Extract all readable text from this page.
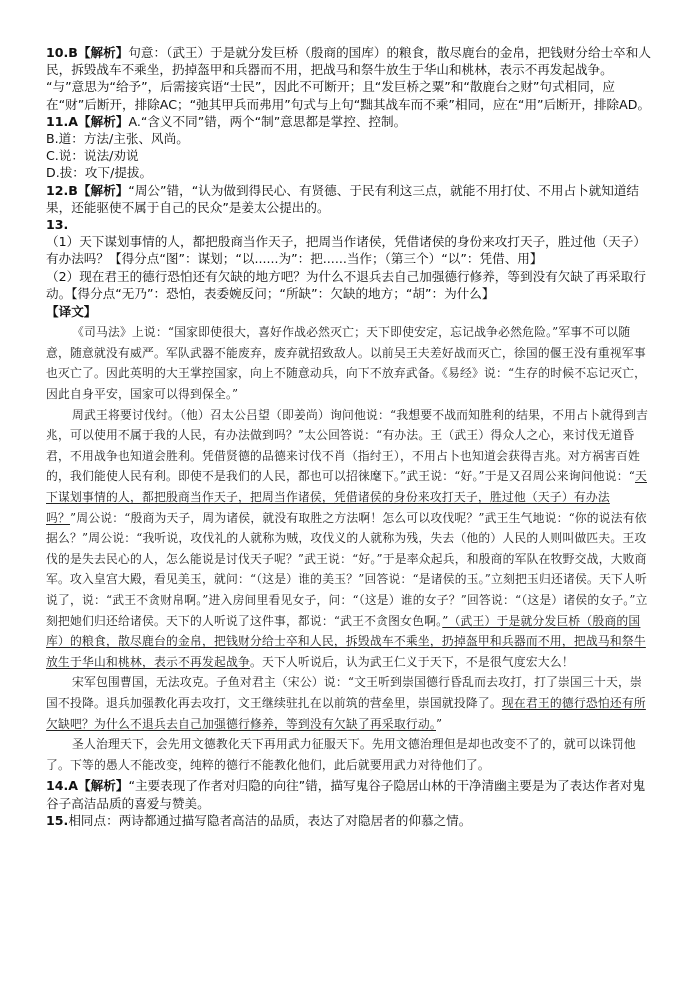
10.B【解析】句意：（武王）于是就分发巨桥（殷商的国库）的粮食，散尽鹿台的金帛，把钱财分给士卒和人民，拆毁战车不乘坐，扔掉盔甲和兵器而不用，把战马和祭牛放生于华山和桃林，表示不再发起战争。

“与”意思为“给予”，后需接宾语“士民”，因此不可断开；且“发巨桥之粟”和“散鹿台之财”句式相同，应在“财”后断开，排除AC；“弛其甲兵而弗用”句式与上句“黜其战车而不乘”相同，应在“用”后断开，排除AD。

11.A【解析】A.“含义不同”错，两个“制”意思都是掌控、控制。

B.道：方法/主张、风尚。

C.说：说法/劝说

D.拔：攻下/提拔。

12.B【解析】“周公”错，“认为做到得民心、有贤德、于民有利这三点，就能不用打仗、不用占卜就知道结果，还能驱使不属于自己的民众”是姜太公提出的。

13.

（1）天下谋划事情的人，都把殷商当作天子，把周当作诸侯，凭借诸侯的身份来攻打天子，胜过他（天子）有办法吗？【得分点“图”：谋划；“以......为”：把......当作；（第三个）“以”：凭借、用】

（2）现在君王的德行恐怕还有欠缺的地方吧？为什么不退兵去自己加强德行修养，等到没有欠缺了再采取行动。【得分点“无乃”：恐怕，表委婉反问；“所缺”：欠缺的地方；“胡”：为什么】

【译文】

《司马法》上说：“国家即使很大，喜好作战必然灭亡；天下即使安定，忘记战争必然危险。”军事不可以随意，随意就没有威严。军队武器不能废弃，废弃就招致敌人。以前吴王夫差好战而灭亡，徐国的偃王没有重视军事也灭亡了。因此英明的大王掌控国家，向上不随意动兵，向下不放弃武备。《易经》说：“生存的时候不忘记灭亡，因此自身平安，国家可以得到保全。”

周武王将要讨伐纣。（他）召太公吕望（即姜尚）询问他说：“我想要不战而知胜利的结果，不用占卜就得到吉兆，可以使用不属于我的人民，有办法做到吗？”太公回答说：“有办法。王（武王）得众人之心，来讨伐无道昏君，不用战争也知道会胜利。凭借贤德的品德来讨伐不肖（指纣王），不用占卜也知道会获得吉兆。对方祸害百姓的，我们能使人民有利。即使不是我们的人民，都也可以招徕麾下。”武王说：“好。”于是又召周公来询问他说：“天下谋划事情的人，都把殷商当作天子，把周当作诸侯，凭借诸侯的身份来攻打天子，胜过他（天子）有办法吗？”周公说：“殷商为天子，周为诸侯，就没有取胜之方法啊！怎么可以攻伐呢？”武王生气地说：“你的说法有依据么？”周公说：“我听说，攻伐礼的人就称为贼，攻伐义的人就称为残，失去（他的）人民的人则叫做匹夫。王攻伐的是失去民心的人，怎么能说是讨伐天子呢？”武王说：“好。”于是率众起兵，和殷商的军队在牧野交战，大败商军。攻入皇宫大殿，看见美玉，就问：“（这是）谁的美玉？”回答说：“是诸侯的玉。”立刻把玉归还诸侯。天下人听说了，说：“武王不贪财帛啊。”进入房间里看见女子，问：“（这是）谁的女子？”回答说：“（这是）诸侯的女子。”立刻把她们归还给诸侯。天下的人听说了这件事，都说：“武王不贪图女色啊。”（武王）于是就分发巨桥（殷商的国库）的粮食，散尽鹿台的金帛，把钱财分给士卒和人民，拆毁战车不乘坐，扔掉盔甲和兵器而不用，把战马和祭牛放生于华山和桃林，表示不再发起战争。天下人听说后，认为武王仁义于天下，不是很气度宏大么！

宋军包围曹国，无法攻克。子鱼对君主（宋公）说：“文王听到崇国德行昏乱而去攻打，打了崇国三十天，崇国不投降。退兵加强教化再去攻打，文王继续驻扎在以前筑的营垒里，崇国就投降了。现在君王的德行恐怕还有所欠缺吧？为什么不退兵去自己加强德行修养，等到没有欠缺了再采取行动。”

圣人治理天下，会先用文德教化天下再用武力征服天下。先用文德治理但是却也改变不了的，就可以诛罚他了。下等的愚人不能改变，纯粹的德行不能教化他们，此后就要用武力对待他们了。

14.A【解析】“主要表现了作者对归隐的向往”错，描写鬼谷子隐居山林的干净清幽主要是为了表达作者对鬼谷子高洁品质的喜爱与赞美。

15.相同点：两诗都通过描写隐者高洁的品质，表达了对隐居者的仰慕之情。
